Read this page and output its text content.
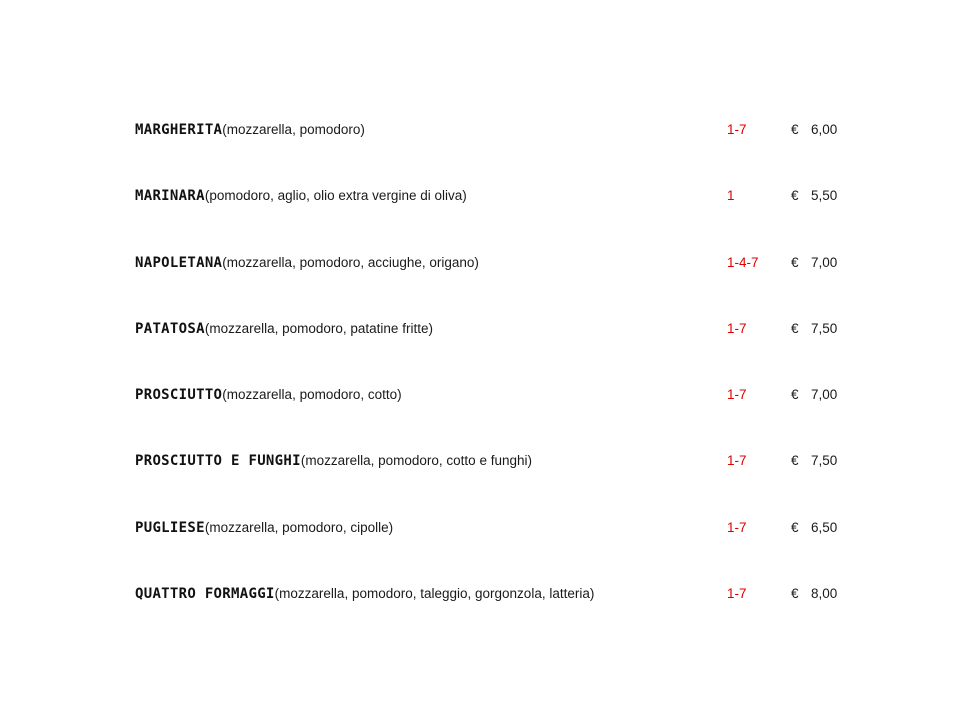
MARGHERITA(mozzarella, pomodoro)	1-7	€ 6,00
MARINARA(pomodoro, aglio, olio extra vergine di oliva)	1	€ 5,50
NAPOLETANA(mozzarella, pomodoro, acciughe, origano)	1-4-7 € 7,00
PATATOSA(mozzarella, pomodoro, patatine fritte)	1-7	€ 7,50
PROSCIUTTO(mozzarella, pomodoro, cotto)	1-7	€ 7,00
PROSCIUTTO E FUNGHI(mozzarella, pomodoro, cotto e funghi)	1-7	€ 7,50
PUGLIESE(mozzarella, pomodoro, cipolle)	1-7	€ 6,50
QUATTRO FORMAGGI(mozzarella, pomodoro, taleggio, gorgonzola, latteria)	1-7	€ 8,00
